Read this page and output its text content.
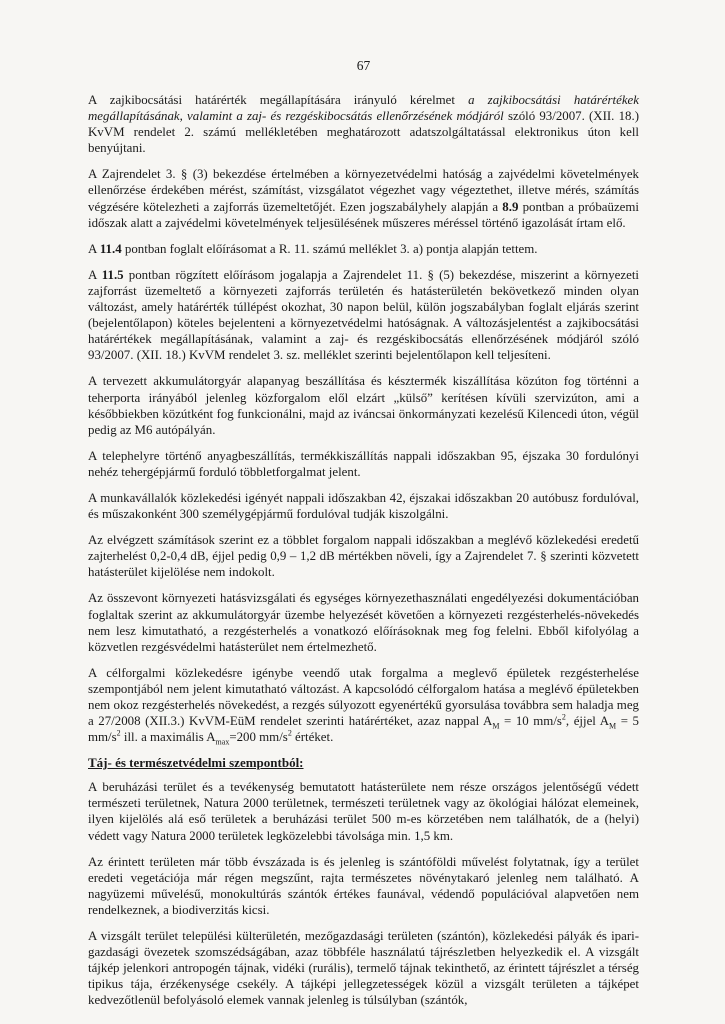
67

A zajkibocsátási határérték megállapítására irányuló kérelmet a zajkibocsátási határértékek megállapításának, valamint a zaj- és rezgéskibocsátás ellenőrzésének módjáról szóló 93/2007. (XII. 18.) KvVM rendelet 2. számú mellékletében meghatározott adatszolgáltatással elektronikus úton kell benyújtani.

A Zajrendelet 3. § (3) bekezdése értelmében a környezetvédelmi hatóság a zajvédelmi követelmények ellenőrzése érdekében mérést, számítást, vizsgálatot végezhet vagy végeztethet, illetve mérés, számítás végzésére kötelezheti a zajforrás üzemeltetőjét. Ezen jogszabályhely alapján a 8.9 pontban a próbaüzemi időszak alatt a zajvédelmi követelmények teljesülésének műszeres méréssel történő igazolását írtam elő.

A 11.4 pontban foglalt előírásomat a R. 11. számú melléklet 3. a) pontja alapján tettem.

A 11.5 pontban rögzített előírásom jogalapja a Zajrendelet 11. § (5) bekezdése, miszerint a környezeti zajforrást üzemeltető a környezeti zajforrás területén és hatásterületén bekövetkező minden olyan változást, amely határérték túllépést okozhat, 30 napon belül, külön jogszabályban foglalt eljárás szerint (bejelentőlapon) köteles bejelenteni a környezetvédelmi hatóságnak. A változásjelentést a zajkibocsátási határértékek megállapításának, valamint a zaj- és rezgéskibocsátás ellenőrzésének módjáról szóló 93/2007. (XII. 18.) KvVM rendelet 3. sz. melléklet szerinti bejelentőlapon kell teljesíteni.

A tervezett akkumulátorgyár alapanyag beszállítása és késztermék kiszállítása közúton fog történni a teherporta irányából jelenleg közforgalom elől elzárt „külső” kerítésen kívüli szervizúton, ami a későbbiekben közútként fog funkcionálni, majd az iváncsai önkormányzati kezelésű Kilencedi úton, végül pedig az M6 autópályán.

A telephelyre történő anyagbeszállítás, termékkiszállítás nappali időszakban 95, éjszaka 30 fordulónyi nehéz tehergépjármű forduló többletforgalmat jelent.

A munkavállalók közlekedési igényét nappali időszakban 42, éjszakai időszakban 20 autóbusz fordulóval, és műszakonként 300 személygépjármű fordulóval tudják kiszolgálni.

Az elvégzett számítások szerint ez a többlet forgalom nappali időszakban a meglévő közlekedési eredetű zajterhelést 0,2-0,4 dB, éjjel pedig 0,9 – 1,2 dB mértékben növeli, így a Zajrendelet 7. § szerinti közvetett hatásterület kijelölése nem indokolt.

Az összevont környezeti hatásvizsgálati és egységes környezethasználati engedélyezési dokumentációban foglaltak szerint az akkumulátorgyár üzembe helyezését követően a környezeti rezgésterhelés-növekedés nem lesz kimutatható, a rezgésterhelés a vonatkozó előírásoknak meg fog felelni. Ebből kifolyólag a közvetlen rezgésvédelmi hatásterület nem értelmezhető.

A célforgalmi közlekedésre igénybe veendő utak forgalma a meglevő épületek rezgésterhelése szempontjából nem jelent kimutatható változást. A kapcsolódó célforgalom hatása a meglévő épületekben nem okoz rezgésterhelés növekedést, a rezgés súlyozott egyenértékű gyorsulása továbbra sem haladja meg a 27/2008 (XII.3.) KvVM-EüM rendelet szerinti határértéket, azaz nappal $A_M = 10$ $mm/s^2$, éjjel $A_M = 5$ $mm/s^2$ ill. a maximális $A_{max}=200$ $mm/s^2$ értéket.

Táj- és természetvédelmi szempontból:

A beruházási terület és a tevékenység bemutatott hatásterülete nem része országos jelentőségű védett természeti területnek, Natura 2000 területnek, természeti területnek vagy az ökológiai hálózat elemeinek, ilyen kijelölés alá eső területek a beruházási terület 500 m-es körzetében nem találhatók, de a (helyi) védett vagy Natura 2000 területek legközelebbi távolsága min. 1,5 km.

Az érintett területen már több évszázada is és jelenleg is szántóföldi művelést folytatnak, így a terület eredeti vegetációja már régen megszűnt, rajta természetes növénytakaró jelenleg nem található. A nagyüzemi művelésű, monokultúrás szántók értékes faunával, védendő populációval alapvetően nem rendelkeznek, a biodiverzitás kicsi.

A vizsgált terület települési külterületén, mezőgazdasági területen (szántón), közlekedési pályák és ipari-gazdasági övezetek szomszédságában, azaz többféle használatú tájrészletben helyezkedik el. A vizsgált tájkép jelenkori antropogén tájnak, vidéki (rurális), termelő tájnak tekinthető, az érintett tájrészlet a térség tipikus tája, érzékenysége csekély. A tájképi jellegzetességek közül a vizsgált területen a tájképet kedvezőtlenül befolyásoló elemek vannak jelenleg is túlsúlyban (szántók,
